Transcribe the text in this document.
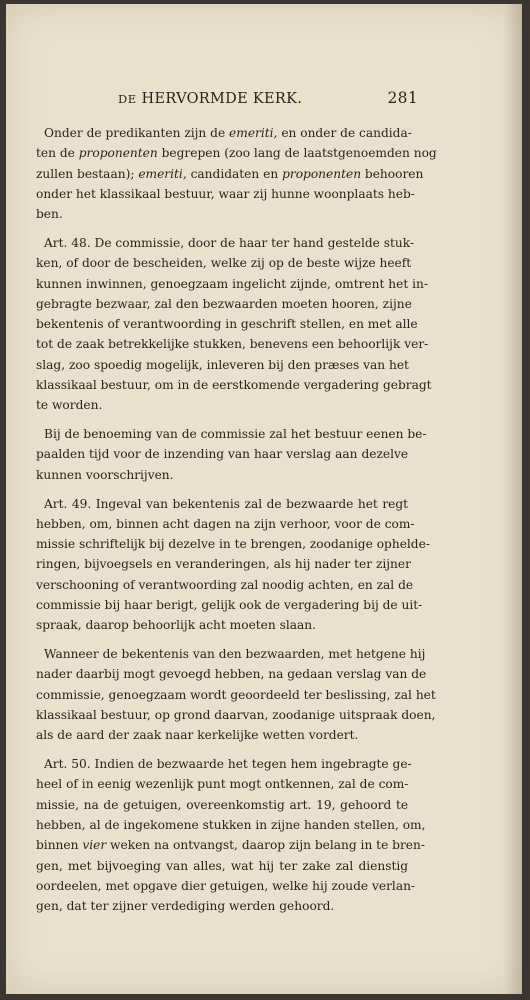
DE HERVORMDE KERK.	281
Onder de predikanten zijn de emeriti, en onder de candida-
ten de proponenten begrepen (zoo lang de laatstgenoemden nog
zullen bestaan); emeriti, candidaten en proponenten behooren
onder het klassikaal bestuur, waar zij hunne woonplaats heb-
ben.
Art. 48. De commissie, door de haar ter hand gestelde stuk-
ken, of door de bescheiden, welke zij op de beste wijze heeft
kunnen inwinnen, genoegzaam ingelicht zijnde, omtrent het in-
gebragte bezwaar, zal den bezwaarden moeten hooren, zijne
bekentenis of verantwoording in geschrift stellen, en met alle
tot de zaak betrekkelijke stukken, benevens een behoorlijk ver-
slag, zoo spoedig mogelijk, inleveren bij den præses van het
klassikaal bestuur, om in de eerstkomende vergadering gebragt
te worden.
Bij de benoeming van de commissie zal het bestuur eenen be-
paalden tijd voor de inzending van haar verslag aan dezelve
kunnen voorschrijven.
Art. 49. Ingeval van bekentenis zal de bezwaarde het regt
hebben, om, binnen acht dagen na zijn verhoor, voor de com-
missie schriftelijk bij dezelve in te brengen, zoodanige ophelde-
ringen, bijvoegsels en veranderingen, als hij nader ter zijner
verschooning of verantwoording zal noodig achten, en zal de
commissie bij haar berigt, gelijk ook de vergadering bij de uit-
spraak, daarop behoorlijk acht moeten slaan.
Wanneer de bekentenis van den bezwaarden, met hetgene hij
nader daarbij mogt gevoegd hebben, na gedaan verslag van de
commissie, genoegzaam wordt geoordeeld ter beslissing, zal het
klassikaal bestuur, op grond daarvan, zoodanige uitspraak doen,
als de aard der zaak naar kerkelijke wetten vordert.
Art. 50. Indien de bezwaarde het tegen hem ingebragte ge-
heel of in eenig wezenlijk punt mogt ontkennen, zal de com-
missie, na de getuigen, overeenkomstig art. 19, gehoord te
hebben, al de ingekomene stukken in zijne handen stellen, om,
binnen vier weken na ontvangst, daarop zijn belang in te bren-
gen, met bijvoeging van alles, wat hij ter zake zal dienstig
oordeelen, met opgave dier getuigen, welke hij zoude verlan-
gen, dat ter zijner verdediging werden gehoord.
